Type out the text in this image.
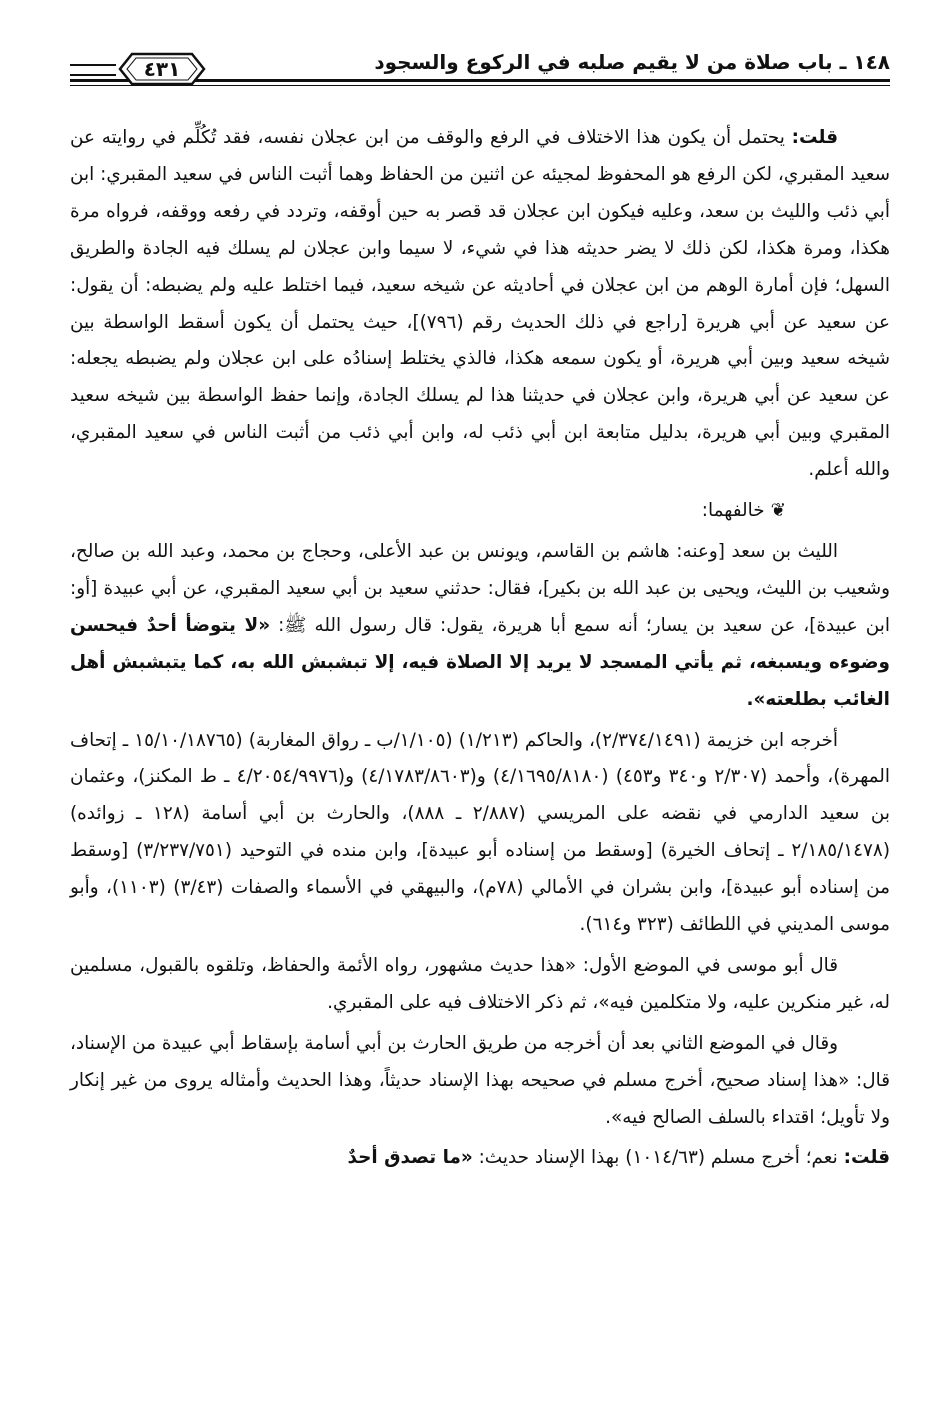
١٤٨ ـ باب صلاة من لا يقيم صلبه في الركوع والسجود
٤٣١

قلت: يحتمل أن يكون هذا الاختلاف في الرفع والوقف من ابن عجلان نفسه، فقد تُكُلِّم في روايته عن سعيد المقبري، لكن الرفع هو المحفوظ لمجيئه عن اثنين من الحفاظ وهما أثبت الناس في سعيد المقبري: ابن أبي ذئب والليث بن سعد، وعليه فيكون ابن عجلان قد قصر به حين أوقفه، وتردد في رفعه ووقفه، فرواه مرة هكذا، ومرة هكذا، لكن ذلك لا يضر حديثه هذا في شيء، لا سيما وابن عجلان لم يسلك فيه الجادة والطريق السهل؛ فإن أمارة الوهم من ابن عجلان في أحاديثه عن شيخه سعيد، فيما اختلط عليه ولم يضبطه: أن يقول: عن سعيد عن أبي هريرة [راجع في ذلك الحديث رقم (٧٩٦)]، حيث يحتمل أن يكون أسقط الواسطة بين شيخه سعيد وبين أبي هريرة، أو يكون سمعه هكذا، فالذي يختلط إسنادُه على ابن عجلان ولم يضبطه يجعله: عن سعيد عن أبي هريرة، وابن عجلان في حديثنا هذا لم يسلك الجادة، وإنما حفظ الواسطة بين شيخه سعيد المقبري وبين أبي هريرة، بدليل متابعة ابن أبي ذئب له، وابن أبي ذئب من أثبت الناس في سعيد المقبري، والله أعلم.

❦خالفهما:

الليث بن سعد [وعنه: هاشم بن القاسم، ويونس بن عبد الأعلى، وحجاج بن محمد، وعبد الله بن صالح، وشعيب بن الليث، ويحيى بن عبد الله بن بكير]، فقال: حدثني سعيد بن أبي سعيد المقبري، عن أبي عبيدة [أو: ابن عبيدة]، عن سعيد بن يسار؛ أنه سمع أبا هريرة، يقول: قال رسول الله ﷺ: «لا يتوضأ أحدٌ فيحسن وضوءه ويسبغه، ثم يأتي المسجد لا يريد إلا الصلاة فيه، إلا تبشبش الله به، كما يتبشبش أهل الغائب بطلعته».

أخرجه ابن خزيمة (٢/٣٧٤/١٤٩١)، والحاكم (١/٢١٣) (١/١٠٥/ب ـ رواق المغاربة) (١٥/١٠/١٨٧٦٥ ـ إتحاف المهرة)، وأحمد (٢/٣٠٧ و٣٤٠ و٤٥٣) (٤/١٦٩٥/٨١٨٠) و(٤/١٧٨٣/٨٦٠٣) و(٤/٢٠٥٤/٩٩٧٦ ـ ط المكنز)، وعثمان بن سعيد الدارمي في نقضه على المريسي (٢/٨٨٧ ـ ٨٨٨)، والحارث بن أبي أسامة (١٢٨ ـ زوائده) (٢/١٨٥/١٤٧٨ ـ إتحاف الخيرة) [وسقط من إسناده أبو عبيدة]، وابن منده في التوحيد (٣/٢٣٧/٧٥١) [وسقط من إسناده أبو عبيدة]، وابن بشران في الأمالي (٧٨م)، والبيهقي في الأسماء والصفات (٣/٤٣) (١١٠٣)، وأبو موسى المديني في اللطائف (٣٢٣ و٦١٤).

قال أبو موسى في الموضع الأول: «هذا حديث مشهور، رواه الأئمة والحفاظ، وتلقوه بالقبول، مسلمين له، غير منكرين عليه، ولا متكلمين فيه»، ثم ذكر الاختلاف فيه على المقبري.

وقال في الموضع الثاني بعد أن أخرجه من طريق الحارث بن أبي أسامة بإسقاط أبي عبيدة من الإسناد، قال: «هذا إسناد صحيح، أخرج مسلم في صحيحه بهذا الإسناد حديثاً، وهذا الحديث وأمثاله يروى من غير إنكار ولا تأويل؛ اقتداء بالسلف الصالح فيه».

قلت: نعم؛ أخرج مسلم (١٠١٤/٦٣) بهذا الإسناد حديث: «ما تصدق أحدٌ
